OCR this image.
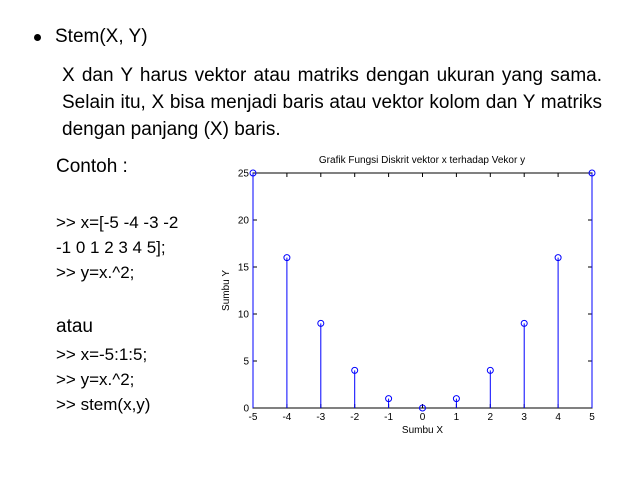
Stem(X, Y)
X dan Y harus vektor atau matriks dengan ukuran yang sama. Selain itu, X bisa menjadi baris atau vektor kolom dan Y matriks dengan panjang (X) baris.
Contoh :
>> x=[-5 -4 -3 -2
-1 0 1 2 3 4 5];
>> y=x.^2;
atau
>> x=-5:1:5;
>> y=x.^2;
>> stem(x,y)
Grafik Fungsi Diskrit vektor x terhadap Vekor y
-5 -4 -3 -2 -1	0	1	2	3	4	5
0
5
10
15
20
25
Sumbu X
Sumbu Y
